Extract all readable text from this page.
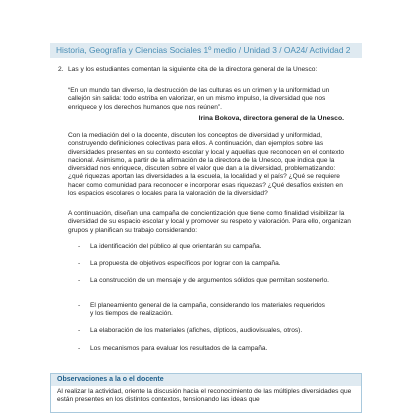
Historia, Geografía y Ciencias Sociales 1º medio / Unidad 3 / OA24/ Actividad 2
2. Las y los estudiantes comentan la siguiente cita de la directora general de la Unesco:
“En un mundo tan diverso, la destrucción de las culturas es un crimen y la uniformidad un callejón sin salida: todo estriba en valorizar, en un mismo impulso, la diversidad que nos enriquece y los derechos humanos que nos reúnen”.
Irina Bokova, directora general de la Unesco.
Con la mediación del o la docente, discuten los conceptos de diversidad y uniformidad, construyendo definiciones colectivas para ellos. A continuación, dan ejemplos sobre las diversidades presentes en su contexto escolar y local y aquellas que reconocen en el contexto nacional. Asimismo, a partir de la afirmación de la directora de la Unesco, que indica que la diversidad nos enriquece, discuten sobre el valor que dan a la diversidad, problematizando: ¿qué riquezas aportan las diversidades a la escuela, la localidad y el país? ¿Qué se requiere hacer como comunidad para reconocer e incorporar esas riquezas? ¿Qué desafíos existen en los espacios escolares o locales para la valoración de la diversidad?
A continuación, diseñan una campaña de concientización que tiene como finalidad visibilizar la diversidad de su espacio escolar y local y promover su respeto y valoración. Para ello, organizan grupos y planifican su trabajo considerando:
- La identificación del público al que orientarán su campaña.
- La propuesta de objetivos específicos por lograr con la campaña.
- La construcción de un mensaje y de argumentos sólidos que permitan sostenerlo.
- El planeamiento general de la campaña, considerando los materiales requeridos y los tiempos de realización.
- La elaboración de los materiales (afiches, dípticos, audiovisuales, otros).
- Los mecanismos para evaluar los resultados de la campaña.
Observaciones a la o el docente
Al realizar la actividad, oriente la discusión hacia el reconocimiento de las múltiples diversidades que están presentes en los distintos contextos, tensionando las ideas que
